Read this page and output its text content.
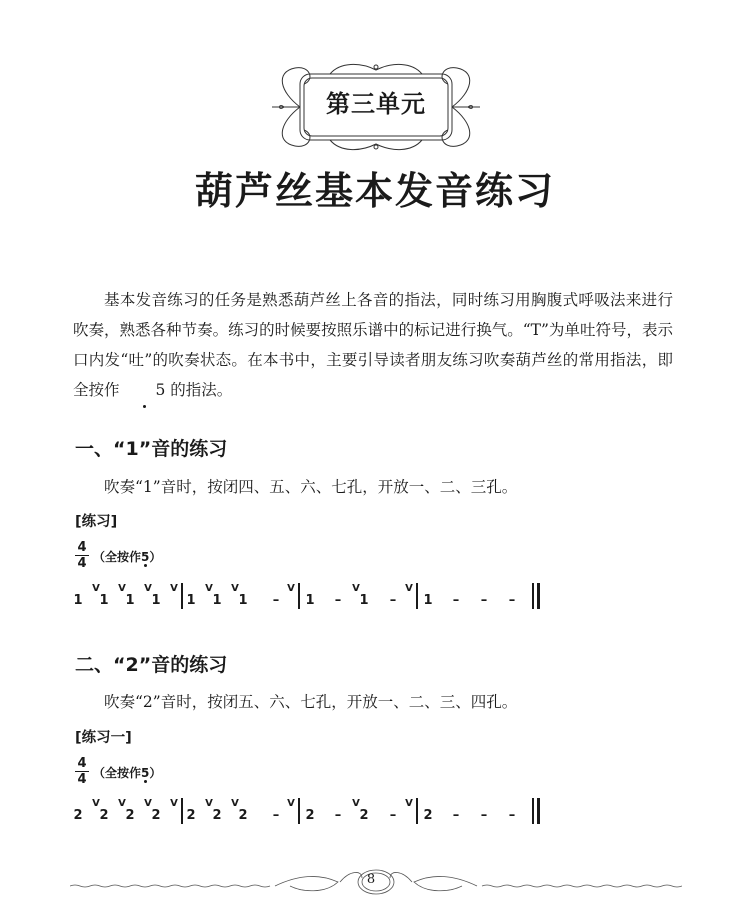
第三单元
葫芦丝基本发音练习

基本发音练习的任务是熟悉葫芦丝上各音的指法，同时练习用胸腹式呼吸法来进行吹奏，熟悉各种节奏。练习的时候要按照乐谱中的标记进行换气。“T”为单吐符号，表示口内发“吐”的吹奏状态。在本书中，主要引导读者朋友练习吹奏葫芦丝的常用指法，即全按作 5 的指法。

一、“1”音的练习
吹奏“1”音时，按闭四、五、六、七孔，开放一、二、三孔。
[练习]
$\frac{4}{4}$ （全按作5）
1
V
1
V
1
V
1
V
1
V
1
V
1 –
V
1 –
V
1 –
V
1 – – –
二、“2”音的练习
吹奏“2”音时，按闭五、六、七孔，开放一、二、三、四孔。
[练习一]
$\frac{4}{4}$ （全按作5）
2
V
2
V
2
V
2
V
2
V
2
V
2 –
V
2 –
V
2 –
V
2 – – –
8
